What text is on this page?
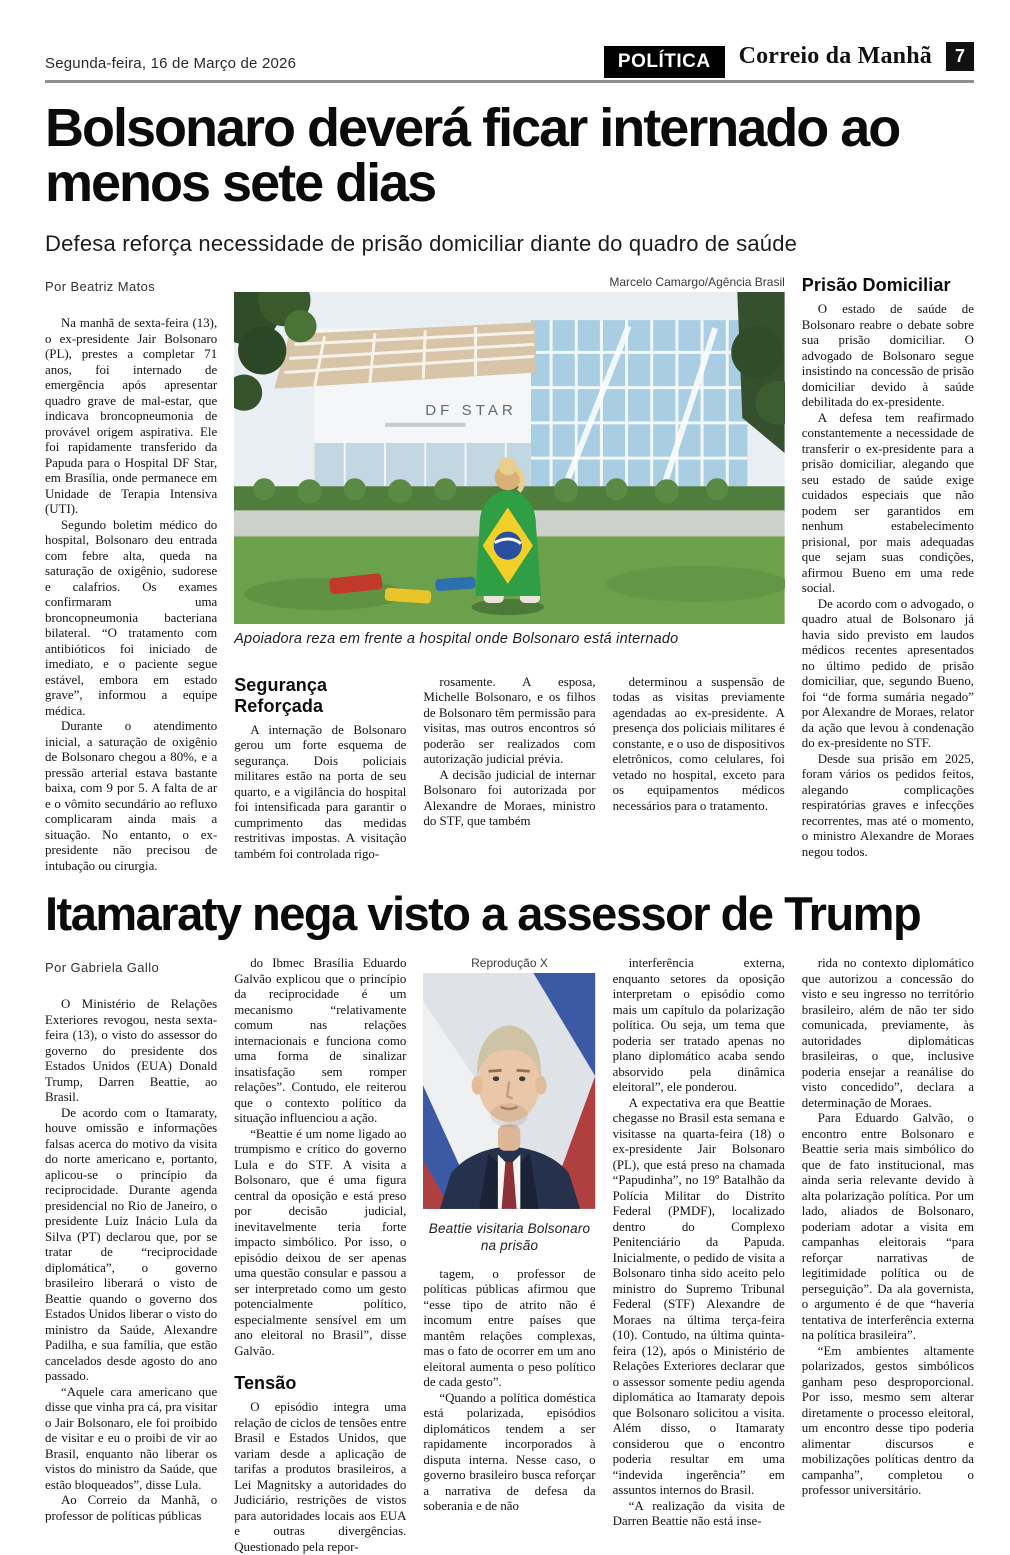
Segunda-feira, 16 de Março de 2026	POLÍTICA	Correio da Manhã	7
Bolsonaro deverá ficar internado ao menos sete dias
Defesa reforça necessidade de prisão domiciliar diante do quadro de saúde
Por Beatriz Matos

Na manhã de sexta-feira (13), o ex-presidente Jair Bolsonaro (PL), prestes a completar 71 anos, foi internado de emergência após apresentar quadro grave de mal-estar, que indicava broncopneumonia de provável origem aspirativa. Ele foi rapidamente transferido da Papuda para o Hospital DF Star, em Brasília, onde permanece em Unidade de Terapia Intensiva (UTI).

Segundo boletim médico do hospital, Bolsonaro deu entrada com febre alta, queda na saturação de oxigênio, sudorese e calafrios. Os exames confirmaram uma broncopneumonia bacteriana bilateral. “O tratamento com antibióticos foi iniciado de imediato, e o paciente segue estável, embora em estado grave”, informou a equipe médica.

Durante o atendimento inicial, a saturação de oxigênio de Bolsonaro chegou a 80%, e a pressão arterial estava bastante baixa, com 9 por 5. A falta de ar e o vômito secundário ao refluxo complicaram ainda mais a situação. No entanto, o ex-presidente não precisou de intubação ou cirurgia.

Marcelo Camargo/Agência Brasil
DF STAR
Apoiadora reza em frente a hospital onde Bolsonaro está internado
Segurança Reforçada

A internação de Bolsonaro gerou um forte esquema de segurança. Dois policiais militares estão na porta de seu quarto, e a vigilância do hospital foi intensificada para garantir o cumprimento das medidas restritivas impostas. A visitação também foi controlada rigo-

rosamente. A esposa, Michelle Bolsonaro, e os filhos de Bolsonaro têm permissão para visitas, mas outros encontros só poderão ser realizados com autorização judicial prévia.

A decisão judicial de internar Bolsonaro foi autorizada por Alexandre de Moraes, ministro do STF, que também

determinou a suspensão de todas as visitas previamente agendadas ao ex-presidente. A presença dos policiais militares é constante, e o uso de dispositivos eletrônicos, como celulares, foi vetado no hospital, exceto para os equipamentos médicos necessários para o tratamento.

Prisão Domiciliar

O estado de saúde de Bolsonaro reabre o debate sobre sua prisão domiciliar. O advogado de Bolsonaro segue insistindo na concessão de prisão domiciliar devido à saúde debilitada do ex-presidente.

A defesa tem reafirmado constantemente a necessidade de transferir o ex-presidente para a prisão domiciliar, alegando que seu estado de saúde exige cuidados especiais que não podem ser garantidos em nenhum estabelecimento prisional, por mais adequadas que sejam suas condições, afirmou Bueno em uma rede social.

De acordo com o advogado, o quadro atual de Bolsonaro já havia sido previsto em laudos médicos recentes apresentados no último pedido de prisão domiciliar, que, segundo Bueno, foi “de forma sumária negado” por Alexandre de Moraes, relator da ação que levou à condenação do ex-presidente no STF.

Desde sua prisão em 2025, foram vários os pedidos feitos, alegando complicações respiratórias graves e infecções recorrentes, mas até o momento, o ministro Alexandre de Moraes negou todos.

Itamaraty nega visto a assessor de Trump
Por Gabriela Gallo

O Ministério de Relações Exteriores revogou, nesta sexta-feira (13), o visto do assessor do governo do presidente dos Estados Unidos (EUA) Donald Trump, Darren Beattie, ao Brasil.

De acordo com o Itamaraty, houve omissão e informações falsas acerca do motivo da visita do norte americano e, portanto, aplicou-se o princípio da reciprocidade. Durante agenda presidencial no Rio de Janeiro, o presidente Luiz Inácio Lula da Silva (PT) declarou que, por se tratar de “reciprocidade diplomática”, o governo brasileiro liberará o visto de Beattie quando o governo dos Estados Unidos liberar o visto do ministro da Saúde, Alexandre Padilha, e sua família, que estão cancelados desde agosto do ano passado.

“Aquele cara americano que disse que vinha pra cá, pra visitar o Jair Bolsonaro, ele foi proibido de visitar e eu o proibi de vir ao Brasil, enquanto não liberar os vistos do ministro da Saúde, que estão bloqueados”, disse Lula.

Ao Correio da Manhã, o professor de políticas públicas

do Ibmec Brasília Eduardo Galvão explicou que o princípio da reciprocidade é um mecanismo “relativamente comum nas relações internacionais e funciona como uma forma de sinalizar insatisfação sem romper relações”. Contudo, ele reiterou que o contexto político da situação influenciou a ação.

“Beattie é um nome ligado ao trumpismo e crítico do governo Lula e do STF. A visita a Bolsonaro, que é uma figura central da oposição e está preso por decisão judicial, inevitavelmente teria forte impacto simbólico. Por isso, o episódio deixou de ser apenas uma questão consular e passou a ser interpretado como um gesto potencialmente político, especialmente sensível em um ano eleitoral no Brasil”, disse Galvão.

Tensão

O episódio integra uma relação de ciclos de tensões entre Brasil e Estados Unidos, que variam desde a aplicação de tarifas a produtos brasileiros, a Lei Magnitsky a autoridades do Judiciário, restrições de vistos para autoridades locais aos EUA e outras divergências. Questionado pela repor-

Reprodução X
Beattie visitaria Bolsonaro na prisão

tagem, o professor de políticas públicas afirmou que “esse tipo de atrito não é incomum entre países que mantêm relações complexas, mas o fato de ocorrer em um ano eleitoral aumenta o peso político de cada gesto”.

“Quando a política doméstica está polarizada, episódios diplomáticos tendem a ser rapidamente incorporados à disputa interna. Nesse caso, o governo brasileiro busca reforçar a narrativa de defesa da soberania e de não

interferência externa, enquanto setores da oposição interpretam o episódio como mais um capítulo da polarização política. Ou seja, um tema que poderia ser tratado apenas no plano diplomático acaba sendo absorvido pela dinâmica eleitoral”, ele ponderou.

A expectativa era que Beattie chegasse no Brasil esta semana e visitasse na quarta-feira (18) o ex-presidente Jair Bolsonaro (PL), que está preso na chamada “Papudinha”, no 19º Batalhão da Polícia Militar do Distrito Federal (PMDF), localizado dentro do Complexo Penitenciário da Papuda. Inicialmente, o pedido de visita a Bolsonaro tinha sido aceito pelo ministro do Supremo Tribunal Federal (STF) Alexandre de Moraes na última terça-feira (10). Contudo, na última quinta-feira (12), após o Ministério de Relações Exteriores declarar que o assessor somente pediu agenda diplomática ao Itamaraty depois que Bolsonaro solicitou a visita. Além disso, o Itamaraty considerou que o encontro poderia resultar em uma “indevida ingerência” em assuntos internos do Brasil.

“A realização da visita de Darren Beattie não está inse-

rida no contexto diplomático que autorizou a concessão do visto e seu ingresso no território brasileiro, além de não ter sido comunicada, previamente, às autoridades diplomáticas brasileiras, o que, inclusive poderia ensejar a reanálise do visto concedido”, declara a determinação de Moraes.

Para Eduardo Galvão, o encontro entre Bolsonaro e Beattie seria mais simbólico do que de fato institucional, mas ainda seria relevante devido à alta polarização política. Por um lado, aliados de Bolsonaro, poderiam adotar a visita em campanhas eleitorais “para reforçar narrativas de legitimidade política ou de perseguição”. Da ala governista, o argumento é de que “haveria tentativa de interferência externa na política brasileira”.

“Em ambientes altamente polarizados, gestos simbólicos ganham peso desproporcional. Por isso, mesmo sem alterar diretamente o processo eleitoral, um encontro desse tipo poderia alimentar discursos e mobilizações políticas dentro da campanha”, completou o professor universitário.
